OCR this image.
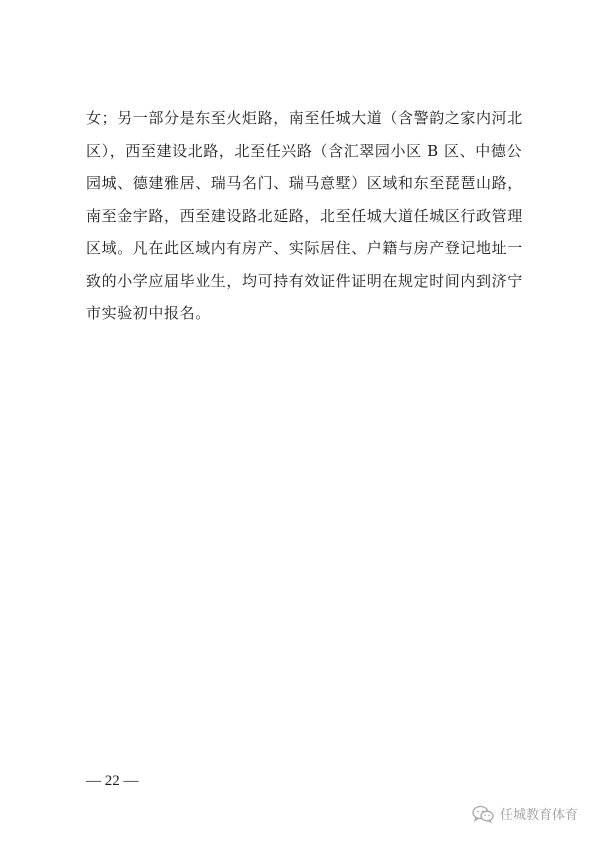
女；另一部分是东至火炬路，南至任城大道（含警韵之家内河北
区），西至建设北路，北至任兴路（含汇翠园小区 B 区、中德公
园城、德建雅居、瑞马名门、瑞马意墅）区域和东至琵琶山路，
南至金宇路，西至建设路北延路，北至任城大道任城区行政管理
区域。凡在此区域内有房产、实际居住、户籍与房产登记地址一
致的小学应届毕业生，均可持有效证件证明在规定时间内到济宁
市实验初中报名。
— 22 —
任城教育体育
